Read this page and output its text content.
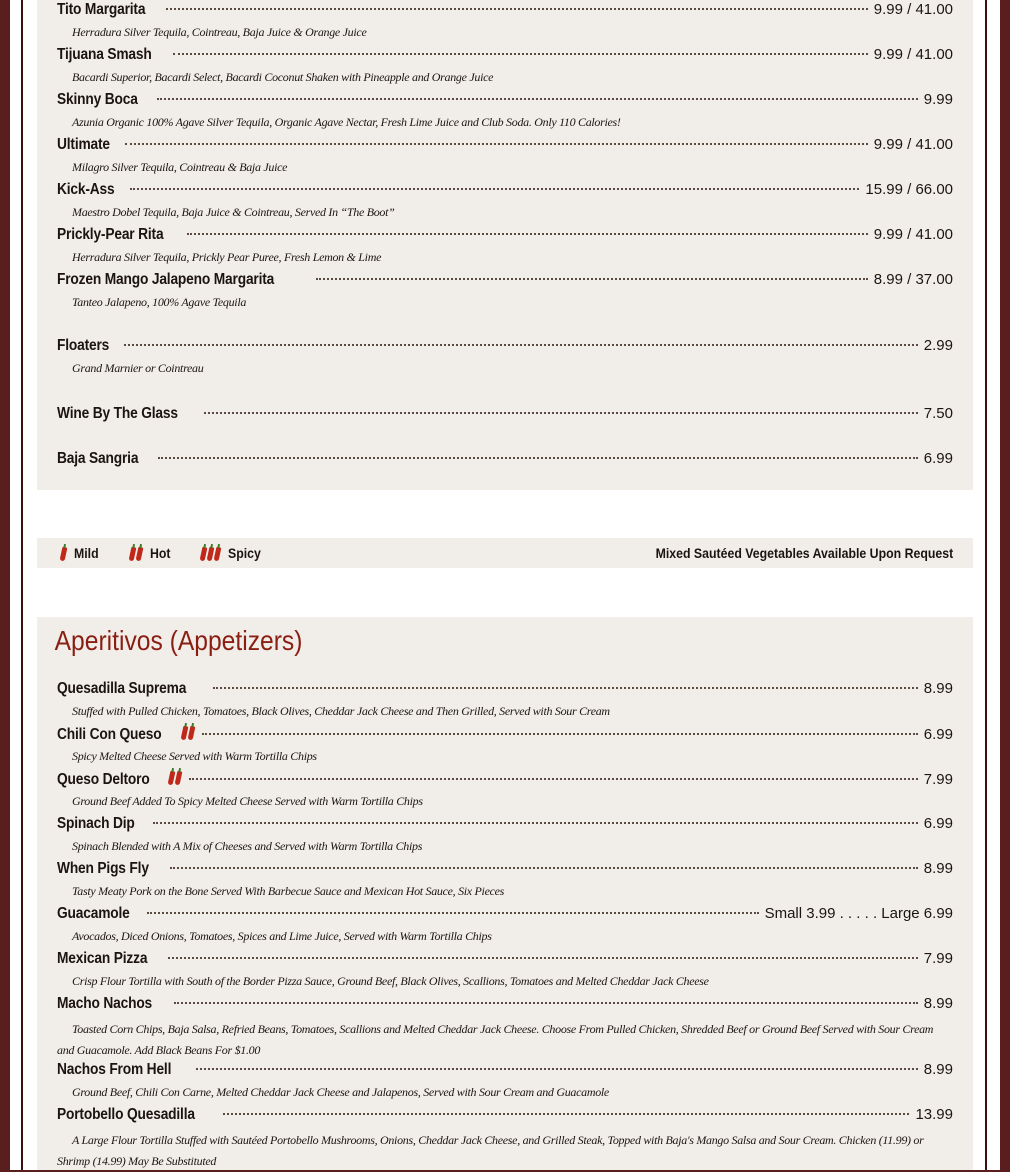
Tito Margarita	9.99 / 41.00
Herradura Silver Tequila, Cointreau, Baja Juice & Orange Juice
Tijuana Smash	9.99 / 41.00
Bacardi Superior, Bacardi Select, Bacardi Coconut Shaken with Pineapple and Orange Juice
Skinny Boca	9.99
Azunia Organic 100% Agave Silver Tequila, Organic Agave Nectar, Fresh Lime Juice and Club Soda. Only 110 Calories!
Ultimate	9.99 / 41.00
Milagro Silver Tequila, Cointreau & Baja Juice
Kick-Ass	15.99 / 66.00
Maestro Dobel Tequila, Baja Juice & Cointreau, Served In “The Boot”
Prickly-Pear Rita	9.99 / 41.00
Herradura Silver Tequila, Prickly Pear Puree, Fresh Lemon & Lime
Frozen Mango Jalapeno Margarita	8.99 / 37.00
Tanteo Jalapeno, 100% Agave Tequila
Floaters	2.99
Grand Marnier or Cointreau
Wine By The Glass	7.50
Baja Sangria	6.99
Mild	Hot	Spicy	Mixed Sautéed Vegetables Available Upon Request
Aperitivos (Appetizers)
Quesadilla Suprema	8.99
Stuffed with Pulled Chicken, Tomatoes, Black Olives, Cheddar Jack Cheese and Then Grilled, Served with Sour Cream
Chili Con Queso	6.99
Spicy Melted Cheese Served with Warm Tortilla Chips
Queso Deltoro	7.99
Ground Beef Added To Spicy Melted Cheese Served with Warm Tortilla Chips
Spinach Dip	6.99
Spinach Blended with A Mix of Cheeses and Served with Warm Tortilla Chips
When Pigs Fly	8.99
Tasty Meaty Pork on the Bone Served With Barbecue Sauce and Mexican Hot Sauce, Six Pieces
Guacamole	Small 3.99 . . . . . Large 6.99
Avocados, Diced Onions, Tomatoes, Spices and Lime Juice, Served with Warm Tortilla Chips
Mexican Pizza	7.99
Crisp Flour Tortilla with South of the Border Pizza Sauce, Ground Beef, Black Olives, Scallions, Tomatoes and Melted Cheddar Jack Cheese
Macho Nachos	8.99
Toasted Corn Chips, Baja Salsa, Refried Beans, Tomatoes, Scallions and Melted Cheddar Jack Cheese. Choose From Pulled Chicken, Shredded Beef or Ground Beef Served with Sour Cream and Guacamole. Add Black Beans For $1.00
Nachos From Hell	8.99
Ground Beef, Chili Con Carne, Melted Cheddar Jack Cheese and Jalapenos, Served with Sour Cream and Guacamole
Portobello Quesadilla	13.99
A Large Flour Tortilla Stuffed with Sautéed Portobello Mushrooms, Onions, Cheddar Jack Cheese, and Grilled Steak, Topped with Baja's Mango Salsa and Sour Cream. Chicken (11.99) or Shrimp (14.99) May Be Substituted
